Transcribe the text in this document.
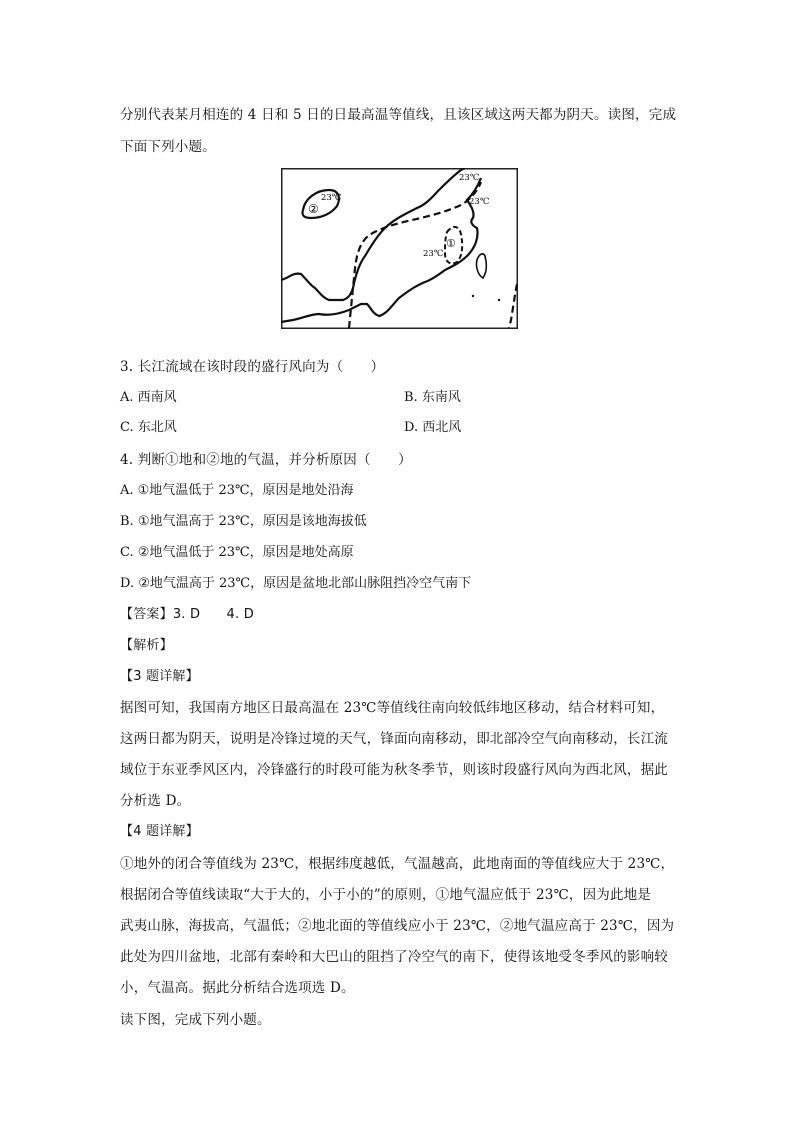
分别代表某月相连的 4 日和 5 日的日最高温等值线，且该区域这两天都为阴天。读图，完成
下面下列小题。
23℃
23℃
23℃
23℃
②
①
3. 长江流域在该时段的盛行风向为（　　）
A. 西南风	B. 东南风
C. 东北风	D. 西北风
4. 判断①地和②地的气温，并分析原因（　　）
A. ①地气温低于 23℃，原因是地处沿海
B. ①地气温高于 23℃，原因是该地海拔低
C. ②地气温低于 23℃，原因是地处高原
D. ②地气温高于 23℃，原因是盆地北部山脉阻挡冷空气南下
【答案】3. D　　4. D
【解析】
【3 题详解】
据图可知，我国南方地区日最高温在 23℃等值线往南向较低纬地区移动，结合材料可知，
这两日都为阴天，说明是冷锋过境的天气，锋面向南移动，即北部冷空气向南移动，长江流
域位于东亚季风区内，冷锋盛行的时段可能为秋冬季节，则该时段盛行风向为西北风，据此
分析选 D。
【4 题详解】
①地外的闭合等值线为 23℃，根据纬度越低，气温越高，此地南面的等值线应大于 23℃，
根据闭合等值线读取“大于大的，小于小的”的原则，①地气温应低于 23℃，因为此地是
武夷山脉，海拔高，气温低；②地北面的等值线应小于 23℃，②地气温应高于 23℃，因为
此处为四川盆地，北部有秦岭和大巴山的阻挡了冷空气的南下，使得该地受冬季风的影响较
小，气温高。据此分析结合选项选 D。
读下图，完成下列小题。
